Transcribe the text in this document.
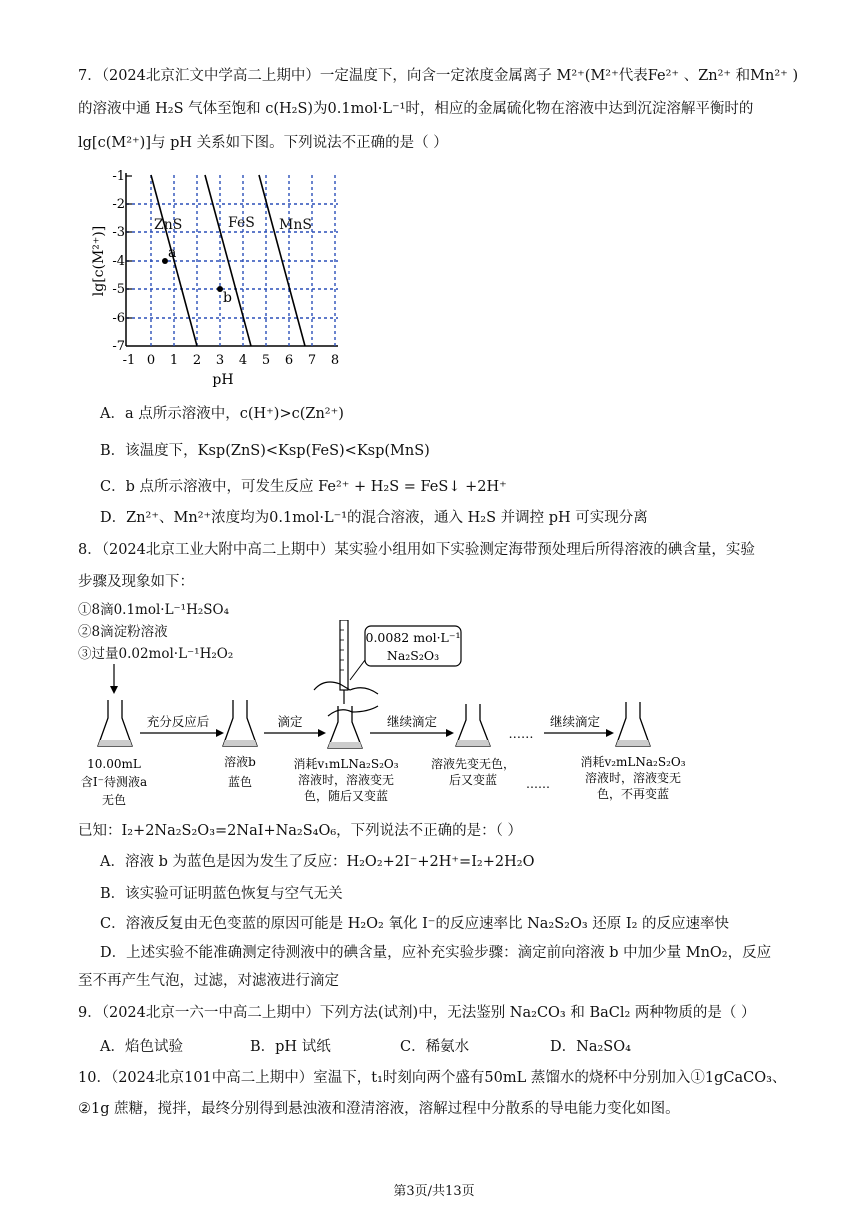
7．（2024北京汇文中学高二上期中）一定温度下，向含一定浓度金属离子 M²⁺(M²⁺代表Fe²⁺ 、Zn²⁺ 和Mn²⁺ )
的溶液中通 H₂S 气体至饱和 c(H₂S)为0.1mol·L⁻¹时，相应的金属硫化物在溶液中达到沉淀溶解平衡时的
lg[c(M²⁺)]与 pH 关系如下图。下列说法不正确的是（ ）
-1
-2
-3
-4
-5
-6
-7
-1 0 1 2 3 4 5 6 7 8
pH
lg[c(M²⁺)]
ZnS	FeS MnS
a
b
A．a 点所示溶液中，c(H⁺)>c(Zn²⁺)
B．该温度下，Ksp(ZnS)<Ksp(FeS)<Ksp(MnS)
C．b 点所示溶液中，可发生反应 Fe²⁺ + H₂S = FeS↓ +2H⁺
D．Zn²⁺、Mn²⁺浓度均为0.1mol·L⁻¹的混合溶液，通入 H₂S 并调控 pH 可实现分离
8．（2024北京工业大附中高二上期中）某实验小组用如下实验测定海带预处理后所得溶液的碘含量，实验
步骤及现象如下：
①8滴0.1mol·L⁻¹H₂SO₄
②8滴淀粉溶液
③过量0.02mol·L⁻¹H₂O₂
0.0082 mol·L⁻¹
Na₂S₂O₃
充分反应后	滴定	继续滴定	继续滴定
……
10.00mL
含I⁻待测液a
无色
溶液b
蓝色
消耗v₁mLNa₂S₂O₃
溶液时，溶液变无
色，随后又变蓝
溶液先变无色，
后又变蓝
消耗v₂mLNa₂S₂O₃
溶液时，溶液变无
色，不再变蓝
……
已知：I₂+2Na₂S₂O₃=2NaI+Na₂S₄O₆，下列说法不正确的是：（ ）
A．溶液 b 为蓝色是因为发生了反应：H₂O₂+2I⁻+2H⁺=I₂+2H₂O
B．该实验可证明蓝色恢复与空气无关
C．溶液反复由无色变蓝的原因可能是 H₂O₂ 氧化 I⁻的反应速率比 Na₂S₂O₃ 还原 I₂ 的反应速率快
D．上述实验不能准确测定待测液中的碘含量，应补充实验步骤：滴定前向溶液 b 中加少量 MnO₂，反应
至不再产生气泡，过滤，对滤液进行滴定
9．（2024北京一六一中高二上期中）下列方法(试剂)中，无法鉴别 Na₂CO₃ 和 BaCl₂ 两种物质的是（ ）
A．焰色试验	B．pH 试纸	C．稀氨水	D．Na₂SO₄
10．（2024北京101中高二上期中）室温下，t₁时刻向两个盛有50mL 蒸馏水的烧杯中分别加入①1gCaCO₃、
②1g 蔗糖，搅拌，最终分别得到悬浊液和澄清溶液，溶解过程中分散系的导电能力变化如图。
第3页/共13页
